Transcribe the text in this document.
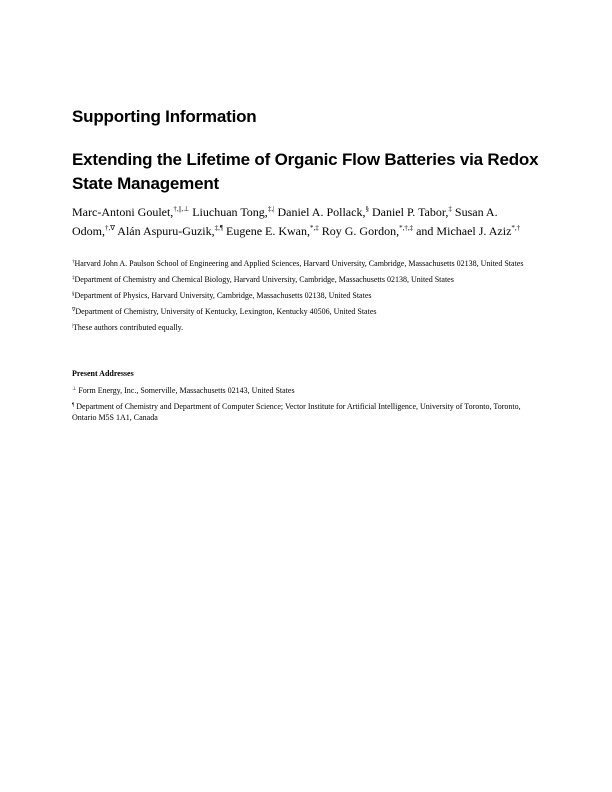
Supporting Information
Extending the Lifetime of Organic Flow Batteries via Redox State Management
Marc-Antoni Goulet,†,||,⊥ Liuchuan Tong,‡,| Daniel A. Pollack,§ Daniel P. Tabor,‡ Susan A. Odom,†,∇ Alán Aspuru-Guzik,‡,¶ Eugene E. Kwan,*,‡ Roy G. Gordon,*,†,‡ and Michael J. Aziz*,†
†Harvard John A. Paulson School of Engineering and Applied Sciences, Harvard University, Cambridge, Massachusetts 02138, United States
‡Department of Chemistry and Chemical Biology, Harvard University, Cambridge, Massachusetts 02138, United States
§Department of Physics, Harvard University, Cambridge, Massachusetts 02138, United States
∇Department of Chemistry, University of Kentucky, Lexington, Kentucky 40506, United States
|These authors contributed equally.
Present Addresses
⊥ Form Energy, Inc., Somerville, Massachusetts 02143, United States
¶ Department of Chemistry and Department of Computer Science; Vector Institute for Artificial Intelligence, University of Toronto, Toronto, Ontario M5S 1A1, Canada
